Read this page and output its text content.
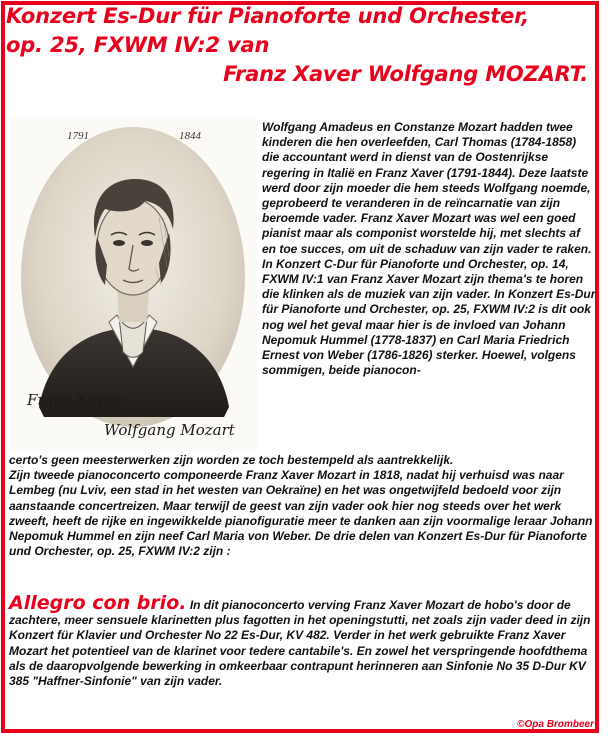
Konzert Es-Dur für Pianoforte und Orchester,
op. 25, FXWM IV:2 van

Franz Xaver Wolfgang MOZART.
1791	1844
Franz Xaver
Wolfgang Mozart

Wolfgang Amadeus en Constanze Mozart hadden twee kinderen die hen overleefden, Carl Thomas (1784-1858) die accountant werd in dienst van de Oostenrijkse regering in Italië en Franz Xaver (1791-1844). Deze laatste werd door zijn moeder die hem steeds Wolfgang noemde, geprobeerd te veranderen in de reïncarnatie van zijn beroemde vader. Franz Xaver Mozart was wel een goed pianist maar als componist worstelde hij, met slechts af en toe succes, om uit de schaduw van zijn vader te raken. In Konzert C-Dur für Pianoforte und Orchester, op. 14, FXWM IV:1 van Franz Xaver Mozart zijn thema's te horen die klinken als de muziek van zijn vader. In Konzert Es-Dur für Pianoforte und Orchester, op. 25, FXWM IV:2 is dit ook nog wel het geval maar hier is de invloed van Johann Nepomuk Hummel (1778-1837) en Carl Maria Friedrich Ernest von Weber (1786-1826) sterker. Hoewel, volgens sommigen, beide pianocon-

certo's geen meesterwerken zijn worden ze toch bestempeld als aantrekkelijk.
Zijn tweede pianoconcerto componeerde Franz Xaver Mozart in 1818, nadat hij verhuisd was naar Lembeg (nu Lviv, een stad in het westen van Oekraïne) en het was ongetwijfeld bedoeld voor zijn aanstaande concertreizen. Maar terwijl de geest van zijn vader ook hier nog steeds over het werk zweeft, heeft de rijke en ingewikkelde pianofiguratie meer te danken aan zijn voormalige leraar Johann Nepomuk Hummel en zijn neef Carl Maria von Weber. De drie delen van Konzert Es-Dur für Pianoforte und Orchester, op. 25, FXWM IV:2 zijn :
Allegro con brio. In dit pianoconcerto verving Franz Xaver Mozart de hobo's door de zachtere, meer sensuele klarinetten plus fagotten in het openingstutti, net zoals zijn vader deed in zijn Konzert für Klavier und Orchester No 22 Es-Dur, KV 482. Verder in het werk gebruikte Franz Xaver Mozart het potentieel van de klarinet voor tedere cantabile's. En zowel het verspringende hoofdthema als de daaropvolgende bewerking in omkeerbaar contrapunt herinneren aan Sinfonie No 35 D-Dur KV 385 "Haffner-Sinfonie" van zijn vader.
©Opa Brombeer
